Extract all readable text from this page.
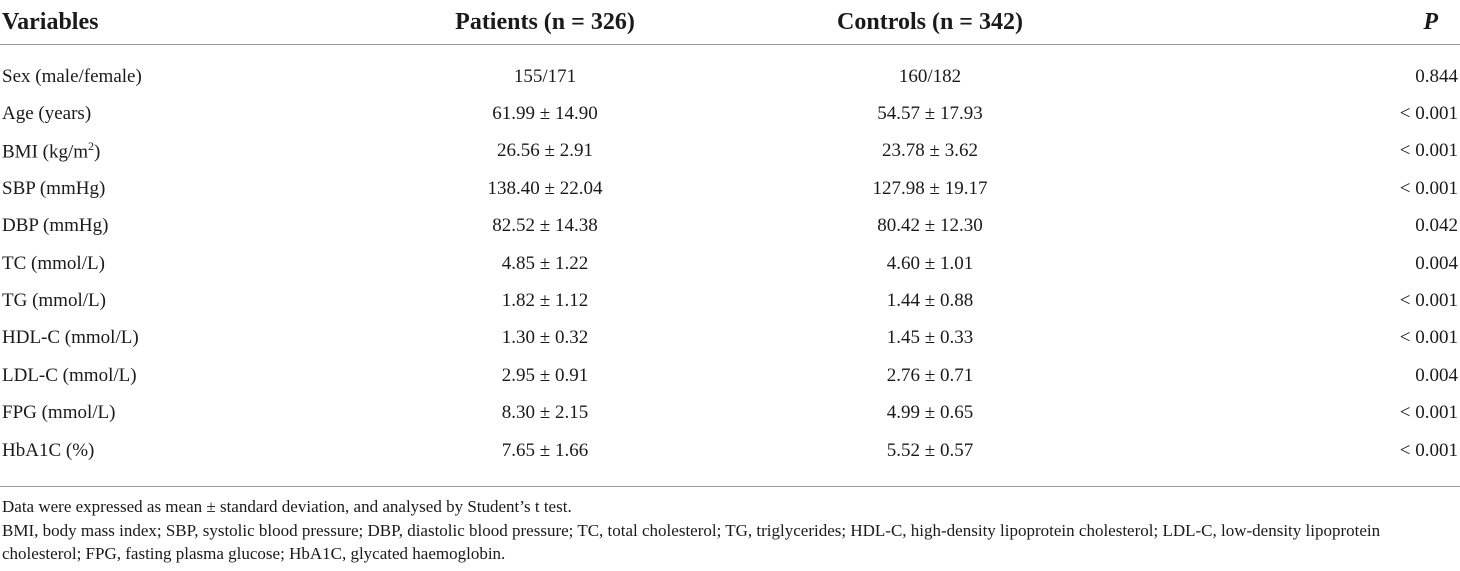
Variables	Patients (n = 326)	Controls (n = 342)	P

Sex (male/female)	155/171	160/182	0.844
Age (years)	61.99 ± 14.90	54.57 ± 17.93	< 0.001
BMI $(kg/m^2)$	26.56 ± 2.91	23.78 ± 3.62	< 0.001
SBP (mmHg)	138.40 ± 22.04	127.98 ± 19.17	< 0.001
DBP (mmHg)	82.52 ± 14.38	80.42 ± 12.30	0.042
TC (mmol/L)	4.85 ± 1.22	4.60 ± 1.01	0.004
TG (mmol/L)	1.82 ± 1.12	1.44 ± 0.88	< 0.001
HDL-C (mmol/L)	1.30 ± 0.32	1.45 ± 0.33	< 0.001
LDL-C (mmol/L)	2.95 ± 0.91	2.76 ± 0.71	0.004
FPG (mmol/L)	8.30 ± 2.15	4.99 ± 0.65	< 0.001
HbA1C (%)	7.65 ± 1.66	5.52 ± 0.57	< 0.001

Data were expressed as mean ± standard deviation, and analysed by Student’s t test.

BMI, body mass index; SBP, systolic blood pressure; DBP, diastolic blood pressure; TC, total cholesterol; TG, triglycerides; HDL-C, high-density lipoprotein cholesterol; LDL-C, low-density lipoprotein cholesterol; FPG, fasting plasma glucose; HbA1C, glycated haemoglobin.
